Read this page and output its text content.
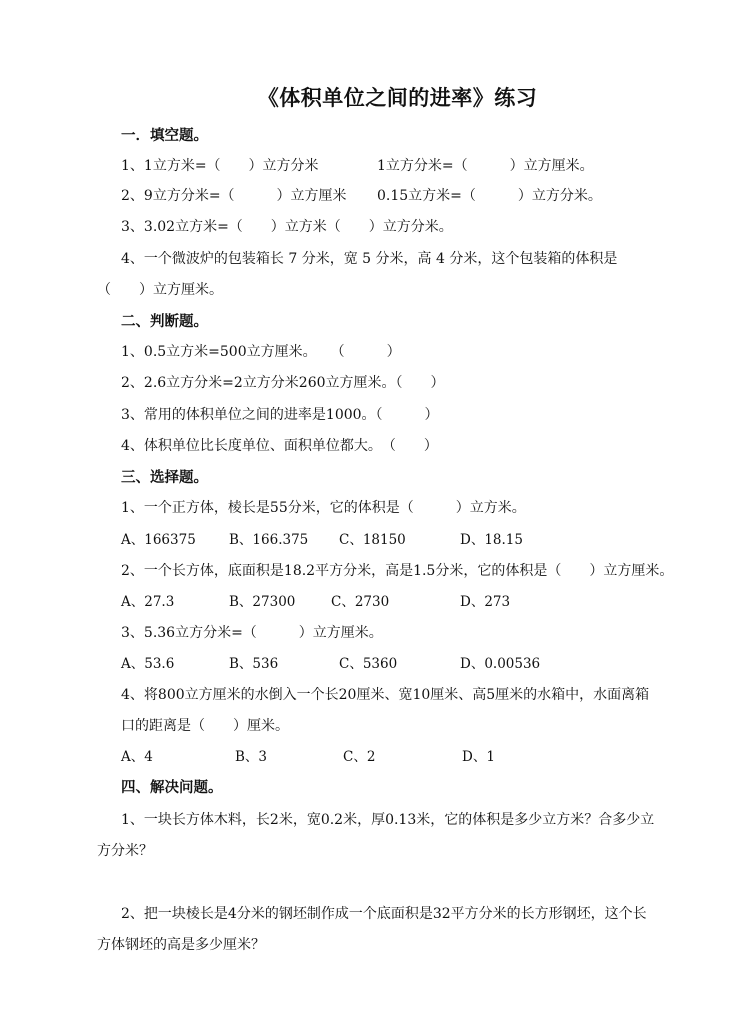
《体积单位之间的进率》练习
一．填空题。
1、1立方米=（　　）立方分米	1立方分米=（　　　）立方厘米。
2、9立方分米=（　　　）立方厘米 0.15立方米=（　　　）立方分米。
3、3.02立方米=（　　）立方米（　　）立方分米。
4、一个微波炉的包装箱长 7 分米，宽 5 分米，高 4 分米，这个包装箱的体积是
（　　）立方厘米。
二、判断题。
1、0.5立方米=500立方厘米。　　（　　　）
2、2.6立方分米=2立方分米260立方厘米。（　　）
3、常用的体积单位之间的进率是1000。（　　　）
4、体积单位比长度单位、面积单位都大。　（　　）
三、选择题。
1、一个正方体，棱长是55分米，它的体积是（　　　）立方米。
A、166375 B、166.375 C、18150	D、18.15
2、一个长方体，底面积是18.2平方分米，高是1.5分米，它的体积是（　　）立方厘米。
A、27.3	B、27300	C、2730	D、273
3、5.36立方分米=（　　　）立方厘米。
A、53.6	B、536	C、5360	D、0.00536
4、将800立方厘米的水倒入一个长20厘米、宽10厘米、高5厘米的水箱中，水面离箱
口的距离是（　　）厘米。
A、4	B、3	C、2	D、1
四、解决问题。
1、一块长方体木料，长2米，宽0.2米，厚0.13米，它的体积是多少立方米？合多少立
方分米？
2、把一块棱长是4分米的钢坯制作成一个底面积是32平方分米的长方形钢坯，这个长
方体钢坯的高是多少厘米？
